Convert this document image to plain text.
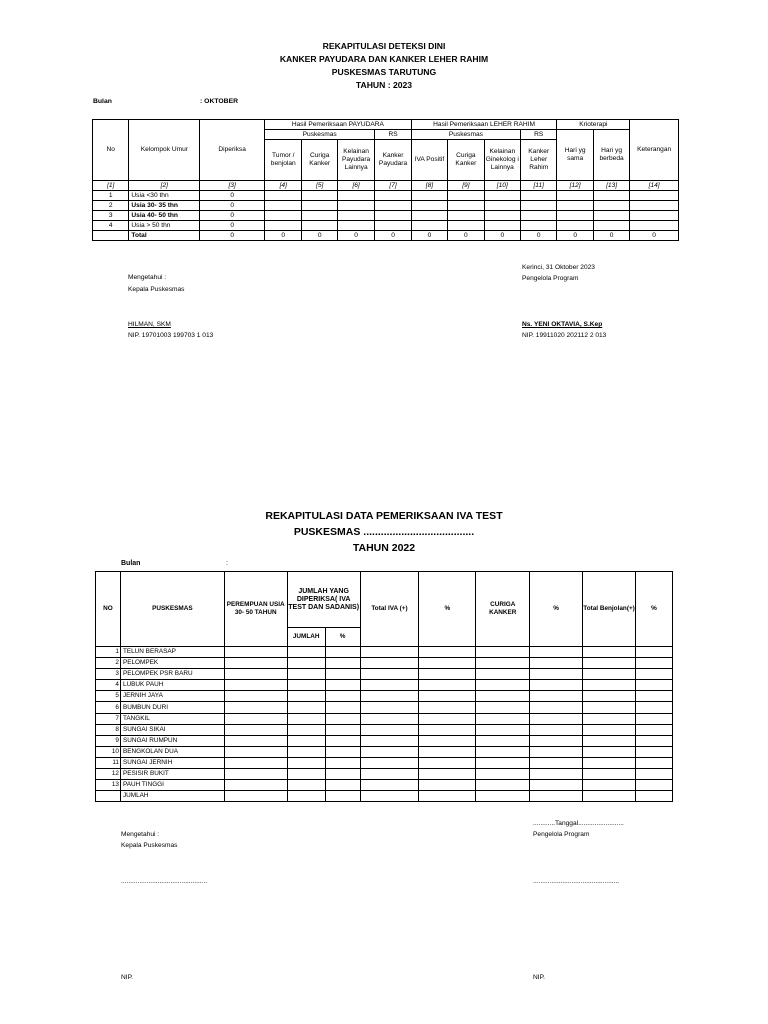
REKAPITULASI DETEKSI DINI
KANKER PAYUDARA DAN KANKER LEHER RAHIM
PUSKESMAS TARUTUNG
TAHUN : 2023
Bulan	: OKTOBER
No	Kelompok Umur	Diperiksa	Hasil Pemeriksaan PAYUDARA				Hasil Pemeriksaan LEHER RAHIM				Krioterapi		Keterangan
			Puskesmas			RS	Puskesmas			RS	Hari yg sama	Hari yg berbeda	
			Tumor / benjolan	Curiga Kanker	Kelainan Payudara Lainnya	Kanker Payudara	IVA Positif	Curiga Kanker	Kelainan Ginekolog i Lainnya	Kanker Leher Rahim			
[1]	[2]	[3]	[4]	[5]	[6]	[7]	[8]	[9]	[10]	[11]	[12]	[13]	[14]
1	Usia <30 thn	0											
2	Usia 30- 35 thn	0											
3	Usia 40- 50 thn	0											
4	Usia > 50 thn	0											
	Total	0	0	0	0	0	0	0	0	0	0	0	0
Mengetahui :
Kepala Puskesmas
HILMAN, SKM
NIP. 19701003 199703 1 013
Kerinci, 31 Oktober 2023
Pengelola Program
Ns. YENI OKTAVIA, S.Kep
NIP. 19911020 202112 2 013
REKAPITULASI DATA PEMERIKSAAN IVA TEST
PUSKESMAS ......................................
TAHUN 2022
Bulan	:
NO	PUSKESMAS	PEREMPUAN USIA 30- 50 TAHUN	JUMLAH YANG DIPERIKSA( IVA TEST DAN SADANIS)		Total IVA (+)	%	CURIGA KANKER	%	Total Benjolan(+)	%
			JUMLAH	%						
1	TELUN BERASAP									
2	PELOMPEK									
3	PELOMPEK PSR BARU									
4	LUBUK PAUH									
5	JERNIH JAYA									
6	BUMBUN DURI									
7	TANGKIL									
8	SUNGAI SIKAI									
9	SUNGAI RUMPUN									
10	BENGKOLAN DUA									
11	SUNGAI JERNIH									
12	PESISIR BUKIT									
13	PAUH TINGGI									
	JUMLAH									
Mengetahui :
Kepala Puskesmas
...............................................
NIP.
............Tanggal.........................
Pengelola Program
...............................................
NIP.
